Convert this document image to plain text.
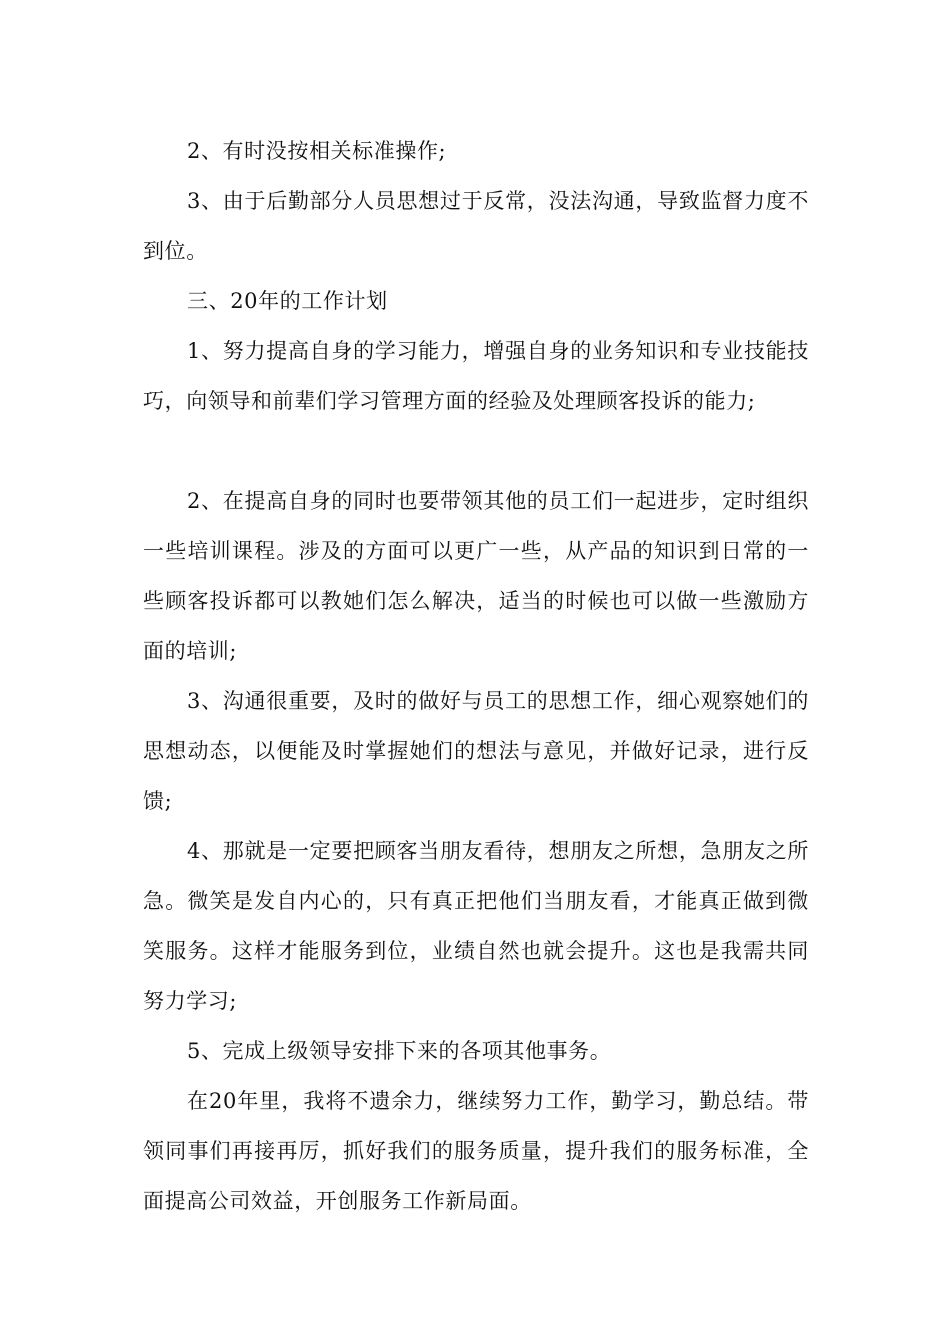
2、有时没按相关标准操作;

3、由于后勤部分人员思想过于反常，没法沟通，导致监督力度不到位。

三、20年的工作计划

1、努力提高自身的学习能力，增强自身的业务知识和专业技能技巧，向领导和前辈们学习管理方面的经验及处理顾客投诉的能力;

2、在提高自身的同时也要带领其他的员工们一起进步，定时组织一些培训课程。涉及的方面可以更广一些，从产品的知识到日常的一些顾客投诉都可以教她们怎么解决，适当的时候也可以做一些激励方面的培训;

3、沟通很重要，及时的做好与员工的思想工作，细心观察她们的思想动态，以便能及时掌握她们的想法与意见，并做好记录，进行反馈;

4、那就是一定要把顾客当朋友看待，想朋友之所想，急朋友之所急。微笑是发自内心的，只有真正把他们当朋友看，才能真正做到微笑服务。这样才能服务到位，业绩自然也就会提升。这也是我需共同努力学习;

5、完成上级领导安排下来的各项其他事务。

在20年里，我将不遗余力，继续努力工作，勤学习，勤总结。带领同事们再接再厉，抓好我们的服务质量，提升我们的服务标准，全面提高公司效益，开创服务工作新局面。
